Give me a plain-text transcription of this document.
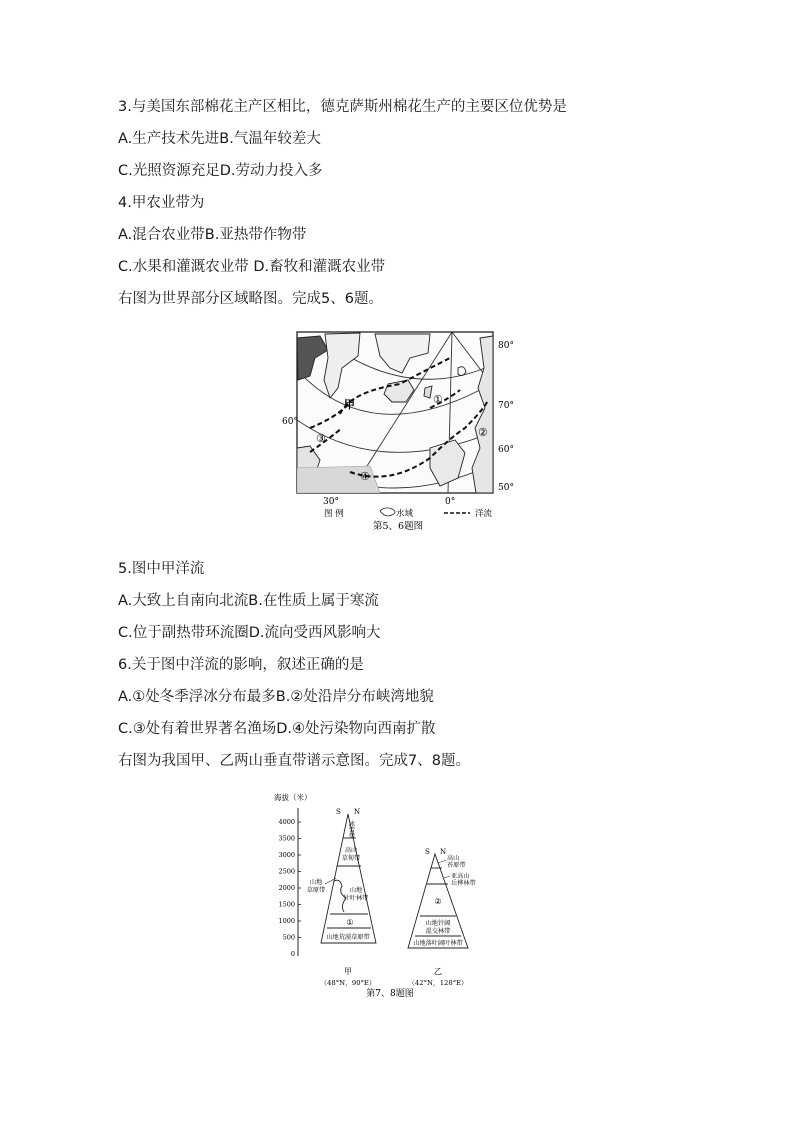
3.与美国东部棉花主产区相比，德克萨斯州棉花生产的主要区位优势是
A.生产技术先进B.气温年较差大
C.光照资源充足D.劳动力投入多
4.甲农业带为
A.混合农业带B.亚热带作物带
C.水果和灌溉农业带 D.畜牧和灌溉农业带
右图为世界部分区域略图。完成5、6题。
80°
70°
60°
50°
60°
30°	0°
甲	①
②
③
④
图 例	水域	洋流
第5、6题图
5.图中甲洋流
A.大致上自南向北流B.在性质上属于寒流
C.位于副热带环流圈D.流向受西风影响大
6.关于图中洋流的影响，叙述正确的是
A.①处冬季浮冰分布最多B.②处沿岸分布峡湾地貌
C.③处有着世界著名渔场D.④处污染物向西南扩散
右图为我国甲、乙两山垂直带谱示意图。完成7、8题。
海拔（米）
4000
3500
3000
2500
2000
1500
1000
500
0
S N
冰
雪
带
高山
草甸带
山地
草原带	山地
针叶林带
①
山地荒漠草原带
甲
（48°N，90°E）
S N
高山
苔原带
亚高山
岳桦林带
②
山地针阔
混交林带
山地落叶阔叶林带
乙
（42°N，128°E）
第7、8题图
